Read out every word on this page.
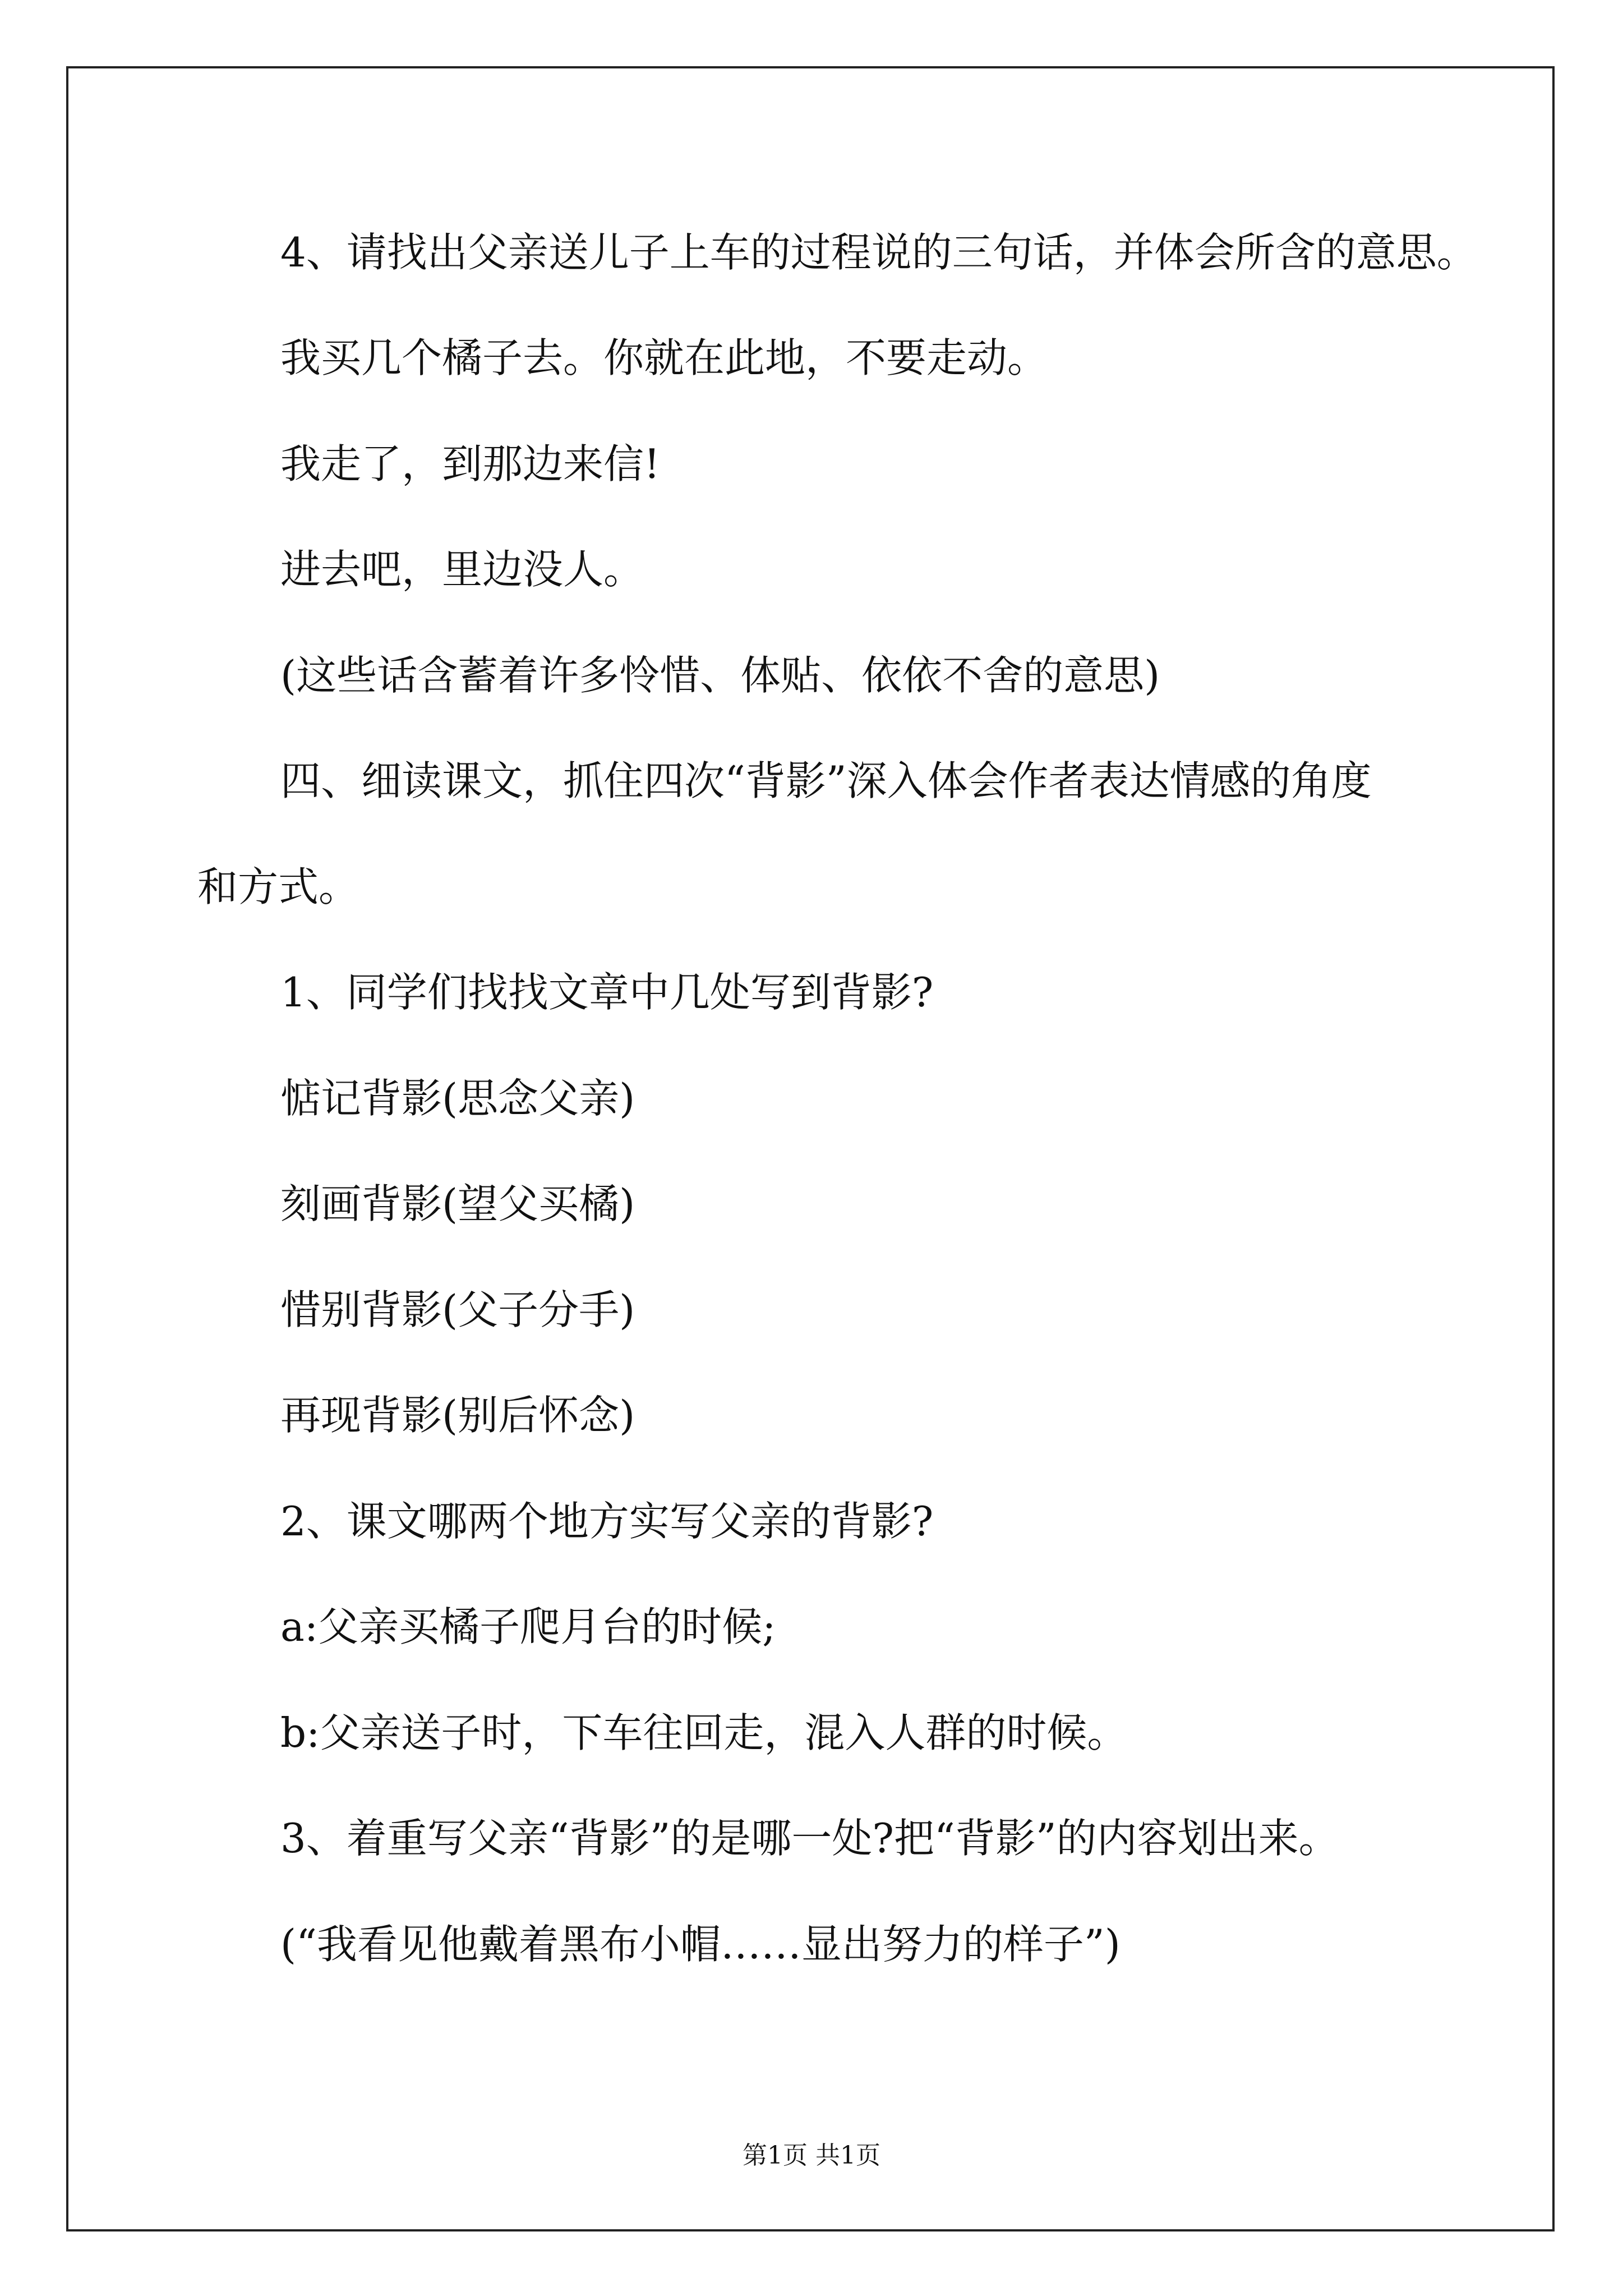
4、请找出父亲送儿子上车的过程说的三句话，并体会所含的意思。
我买几个橘子去。你就在此地，不要走动。
我走了，到那边来信!
进去吧，里边没人。
(这些话含蓄着许多怜惜、体贴、依依不舍的意思)
四、细读课文，抓住四次“背影”深入体会作者表达情感的角度
和方式。
1、同学们找找文章中几处写到背影?
惦记背影(思念父亲)
刻画背影(望父买橘)
惜别背影(父子分手)
再现背影(别后怀念)
2、课文哪两个地方实写父亲的背影?
a:父亲买橘子爬月台的时候;
b:父亲送子时，下车往回走，混入人群的时候。
3、着重写父亲“背影”的是哪一处?把“背影”的内容划出来。
(“我看见他戴着黑布小帽……显出努力的样子”)
第1页 共1页
